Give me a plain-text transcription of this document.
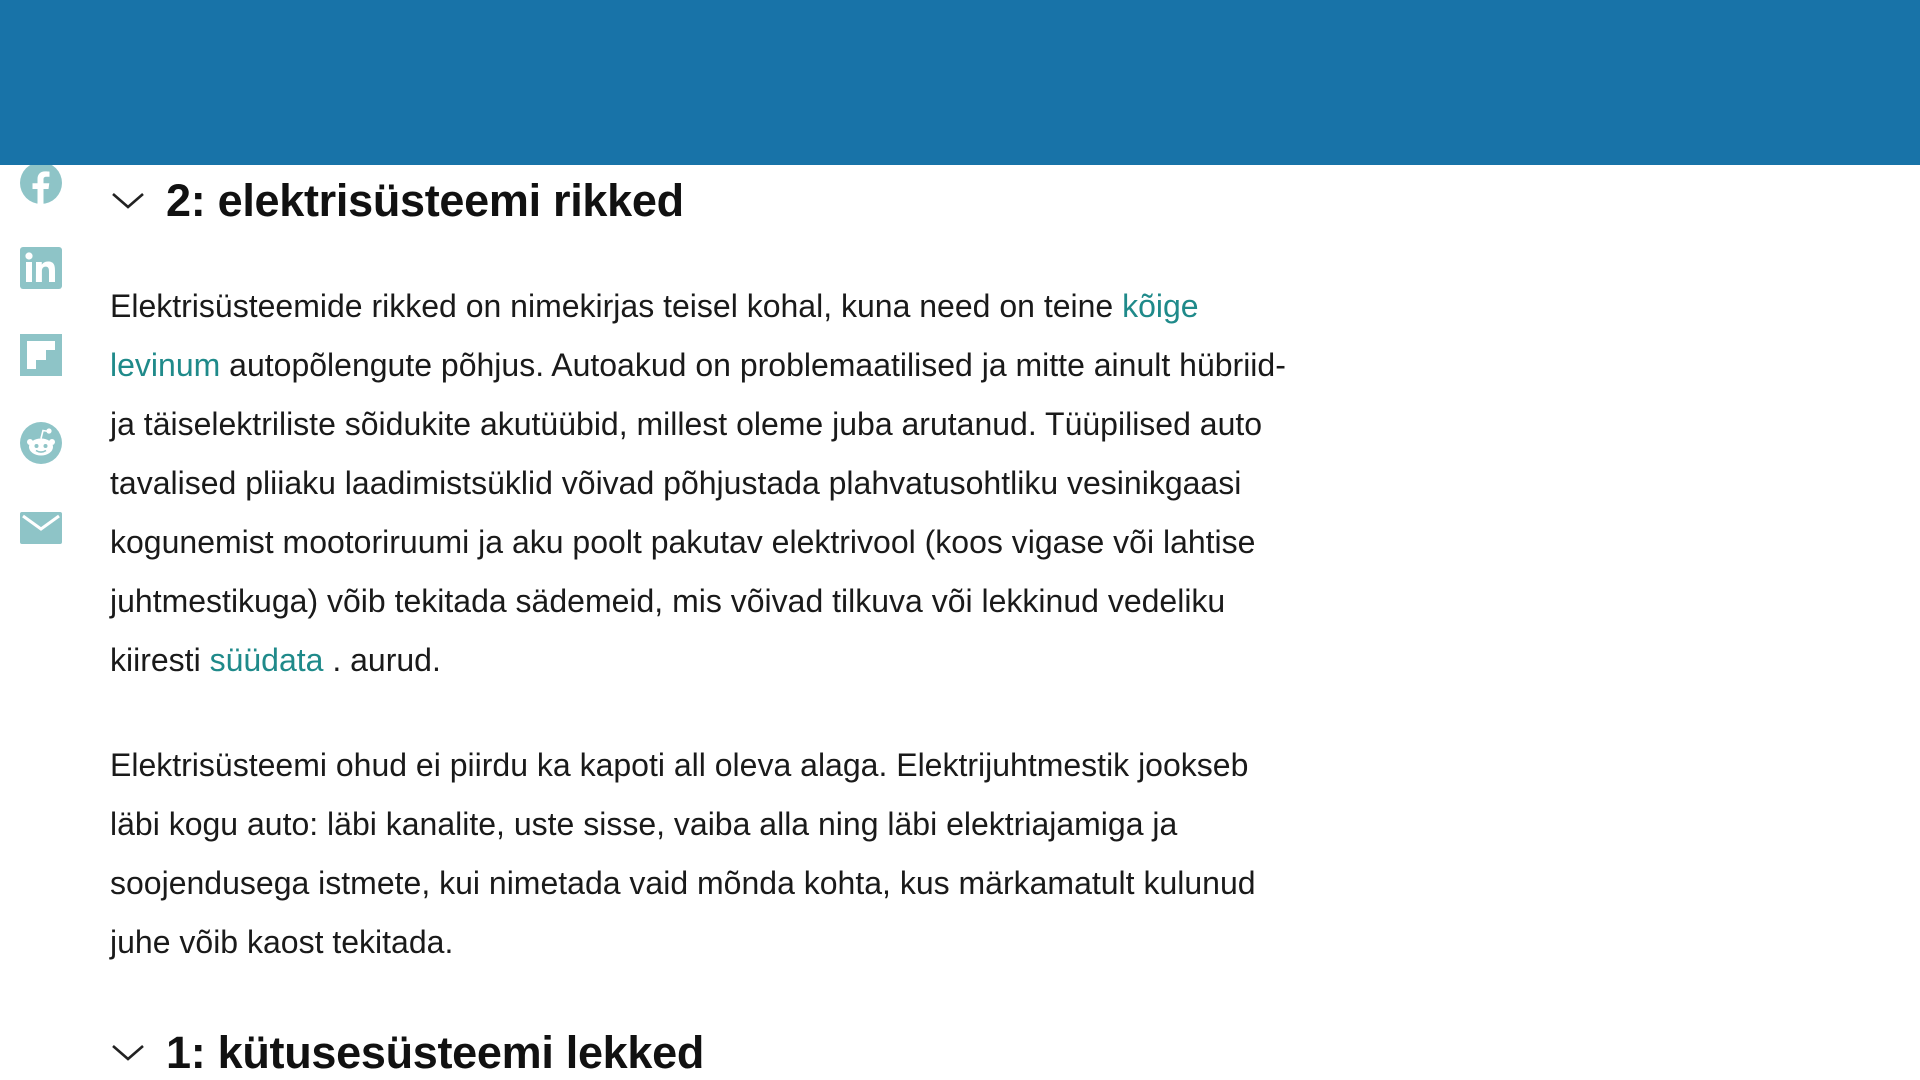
2: elektrisüsteemi rikked

Elektrisüsteemide rikked on nimekirjas teisel kohal, kuna need on teine kõige levinum autopõlengute põhjus. Autoakud on problemaatilised ja mitte ainult hübriid- ja täiselektriliste sõidukite akutüübid, millest oleme juba arutanud. Tüüpilised auto tavalised pliiaku laadimistsüklid võivad põhjustada plahvatusohtliku vesinikgaasi kogunemist mootoriruumi ja aku poolt pakutav elektrivool (koos vigase või lahtise juhtmestikuga) võib tekitada sädemeid, mis võivad tilkuva või lekkinud vedeliku kiiresti süüdata . aurud.

Elektrisüsteemi ohud ei piirdu ka kapoti all oleva alaga. Elektrijuhtmestik jookseb läbi kogu auto: läbi kanalite, uste sisse, vaiba alla ning läbi elektriajamiga ja soojendusega istmete, kui nimetada vaid mõnda kohta, kus märkamatult kulunud juhe võib kaost tekitada.

1: kütusesüsteemi lekked
